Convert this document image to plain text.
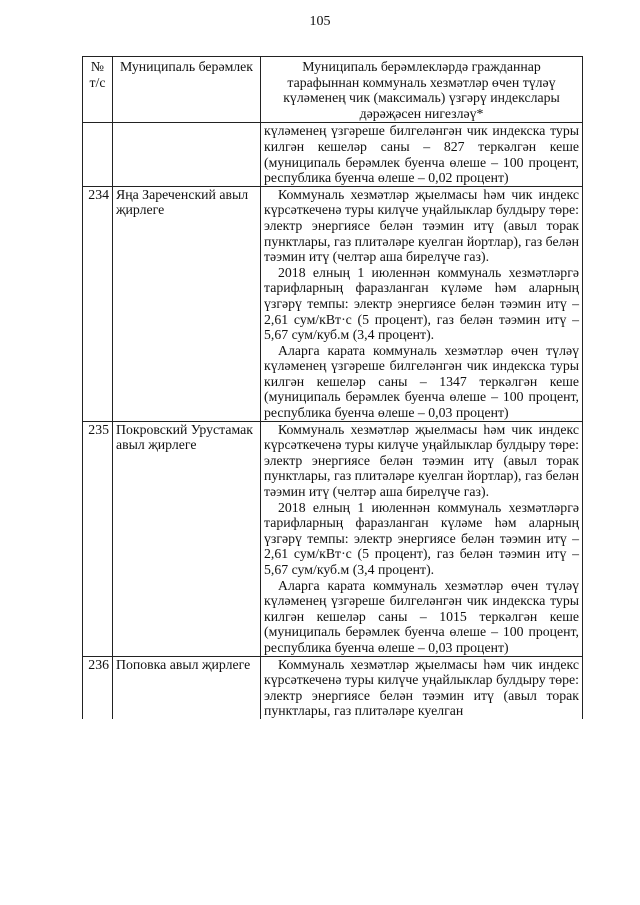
105
№
т/с	Муниципаль берәмлек	Муниципаль берәмлекләрдә гражданнар тарафыннан коммуналь хезмәтләр өчен түләү күләменең чик (максималь) үзгәрү индекслары дәрәҗәсен нигезләү*

		күләменең үзгәреше билгеләнгән чик индекска туры килгән кешеләр саны – 827 теркәлгән кеше (муниципаль берәмлек буенча өлеше – 100 процент, республика буенча өлеше – 0,02 процент)

234	Яңа Зареченский авыл җирлеге	Коммуналь хезмәтләр җыелмасы һәм чик индекс күрсәткеченә туры килүче уңайлыклар булдыру төре: электр энергиясе белән тәэмин итү (авыл торак пунктлары, газ плитәләре куелган йортлар), газ белән тәэмин итү (челтәр аша бирелүче газ).

2018 елның 1 июленнән коммуналь хезмәтләргә тарифларның фаразланган күләме һәм аларның үзгәрү темпы: электр энергиясе белән тәэмин итү – 2,61 сум/кВт·с (5 процент), газ белән тәэмин итү – 5,67 сум/куб.м (3,4 процент).

Аларга карата коммуналь хезмәтләр өчен түләү күләменең үзгәреше билгеләнгән чик индекска туры килгән кешеләр саны – 1347 теркәлгән кеше (муниципаль берәмлек буенча өлеше – 100 процент, республика буенча өлеше – 0,03 процент)

235	Покровский Урустамак авыл җирлеге	Коммуналь хезмәтләр җыелмасы һәм чик индекс күрсәткеченә туры килүче уңайлыклар булдыру төре: электр энергиясе белән тәэмин итү (авыл торак пунктлары, газ плитәләре куелган йортлар), газ белән тәэмин итү (челтәр аша бирелүче газ).

2018 елның 1 июленнән коммуналь хезмәтләргә тарифларның фаразланган күләме һәм аларның үзгәрү темпы: электр энергиясе белән тәэмин итү – 2,61 сум/кВт·с (5 процент), газ белән тәэмин итү – 5,67 сум/куб.м (3,4 процент).

Аларга карата коммуналь хезмәтләр өчен түләү күләменең үзгәреше билгеләнгән чик индекска туры килгән кешеләр саны – 1015 теркәлгән кеше (муниципаль берәмлек буенча өлеше – 100 процент, республика буенча өлеше – 0,03 процент)

236	Поповка авыл җирлеге	Коммуналь хезмәтләр җыелмасы һәм чик индекс күрсәткеченә туры килүче уңайлыклар булдыру төре: электр энергиясе белән тәэмин итү (авыл торак пунктлары, газ плитәләре куелган
